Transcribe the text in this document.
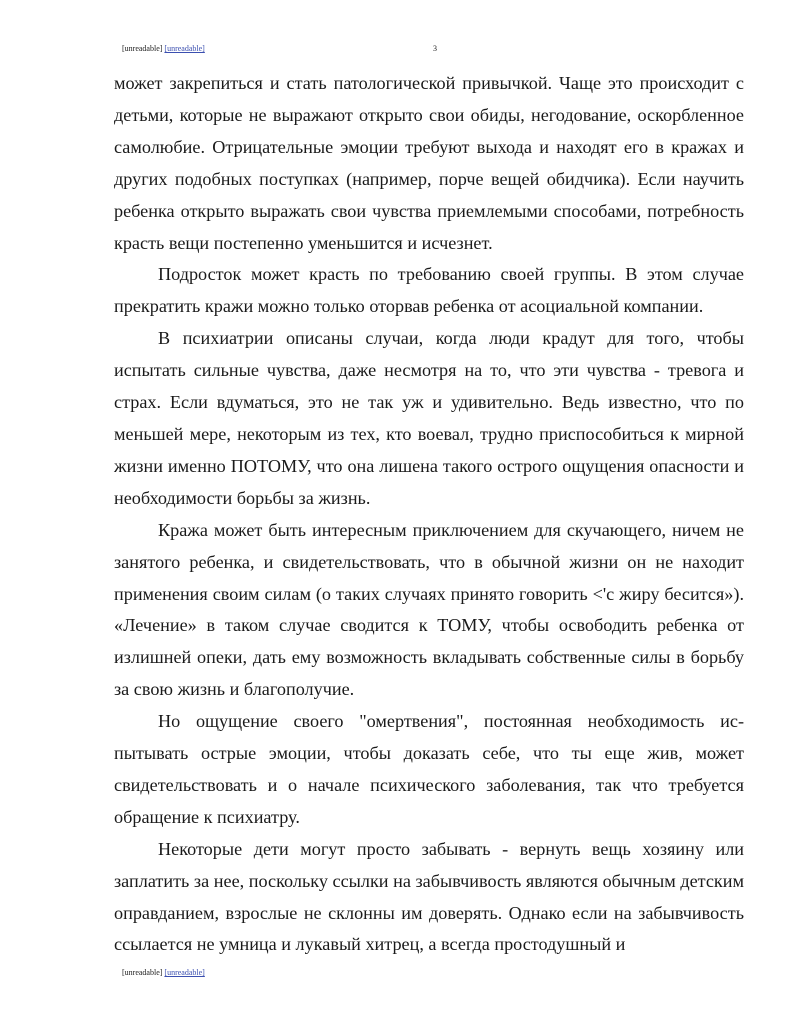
[unreadable] [unreadable]	3

может закрепиться и стать патологической привычкой. Чаще это происходит с детьми, которые не выражают открыто свои обиды, негодование, оскорбленное самолюбие. Отрицательные эмоции требуют выхода и находят его в кражах и других подобных поступках (например, порче вещей обидчика). Если научить ребенка открыто выражать свои чувства приемлемыми способами, потребность красть вещи постепенно уменьшится и исчезнет.

Подросток может красть по требованию своей группы. В этом случае прекратить кражи можно только оторвав ребенка от асоциальной компании.

В психиатрии описаны случаи, когда люди крадут для того, чтобы испытать сильные чувства, даже несмотря на то, что эти чувства - тревога и страх. Если вдуматься, это не так уж и удивительно. Ведь известно, что по меньшей мере, некоторым из тех, кто воевал, трудно приспособиться к мирной жизни именно ПОТОМУ, что она лишена такого острого ощущения опасности и необходимости борьбы за жизнь.

Кража может быть интересным приключением для скучающего, ничем не занятого ребенка, и свидетельствовать, что в обычной жизни он не находит применения своим силам (о таких случаях принято говорить <'с жиру бесится»). «Лечение» в таком случае сводится к ТОМУ, чтобы освободить ребенка от излишней опеки, дать ему возможность вкладывать собственные силы в борьбу за свою жизнь и благополучие.

Но ощущение своего "омертвения", постоянная необходимость ис-пытывать острые эмоции, чтобы доказать себе, что ты еще жив, может свидетельствовать и о начале психического заболевания, так что требуется обращение к психиатру.

Некоторые дети могут просто забывать - вернуть вещь хозяину или заплатить за нее, поскольку ссылки на забывчивость являются обычным детским оправданием, взрослые не склонны им доверять. Однако если на забывчивость ссылается не умница и лукавый хитрец, а всегда простодушный и

[unreadable] [unreadable]
